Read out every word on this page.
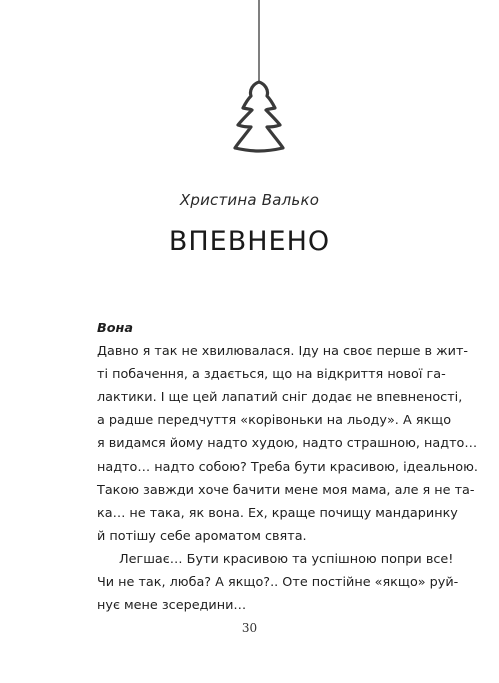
Христина Валько
ВПЕВНЕНО
Вона
Давно я так не хвилювалася. Іду на своє перше в жит-
ті побачення, а здається, що на відкриття нової га-
лактики. І ще цей лапатий сніг додає не впевненості,
а радше передчуття «корівоньки на льоду». А якщо
я видамся йому надто худою, надто страшною, надто…
надто… надто собою? Треба бути красивою, ідеальною.
Такою завжди хоче бачити мене моя мама, але я не та-
ка… не така, як вона. Ех, краще почищу мандаринку
й потішу себе ароматом свята.
Легшає… Бути красивою та успішною попри все!
Чи не так, люба? А якщо?.. Оте постійне «якщо» руй-
нує мене зсередини…
30
